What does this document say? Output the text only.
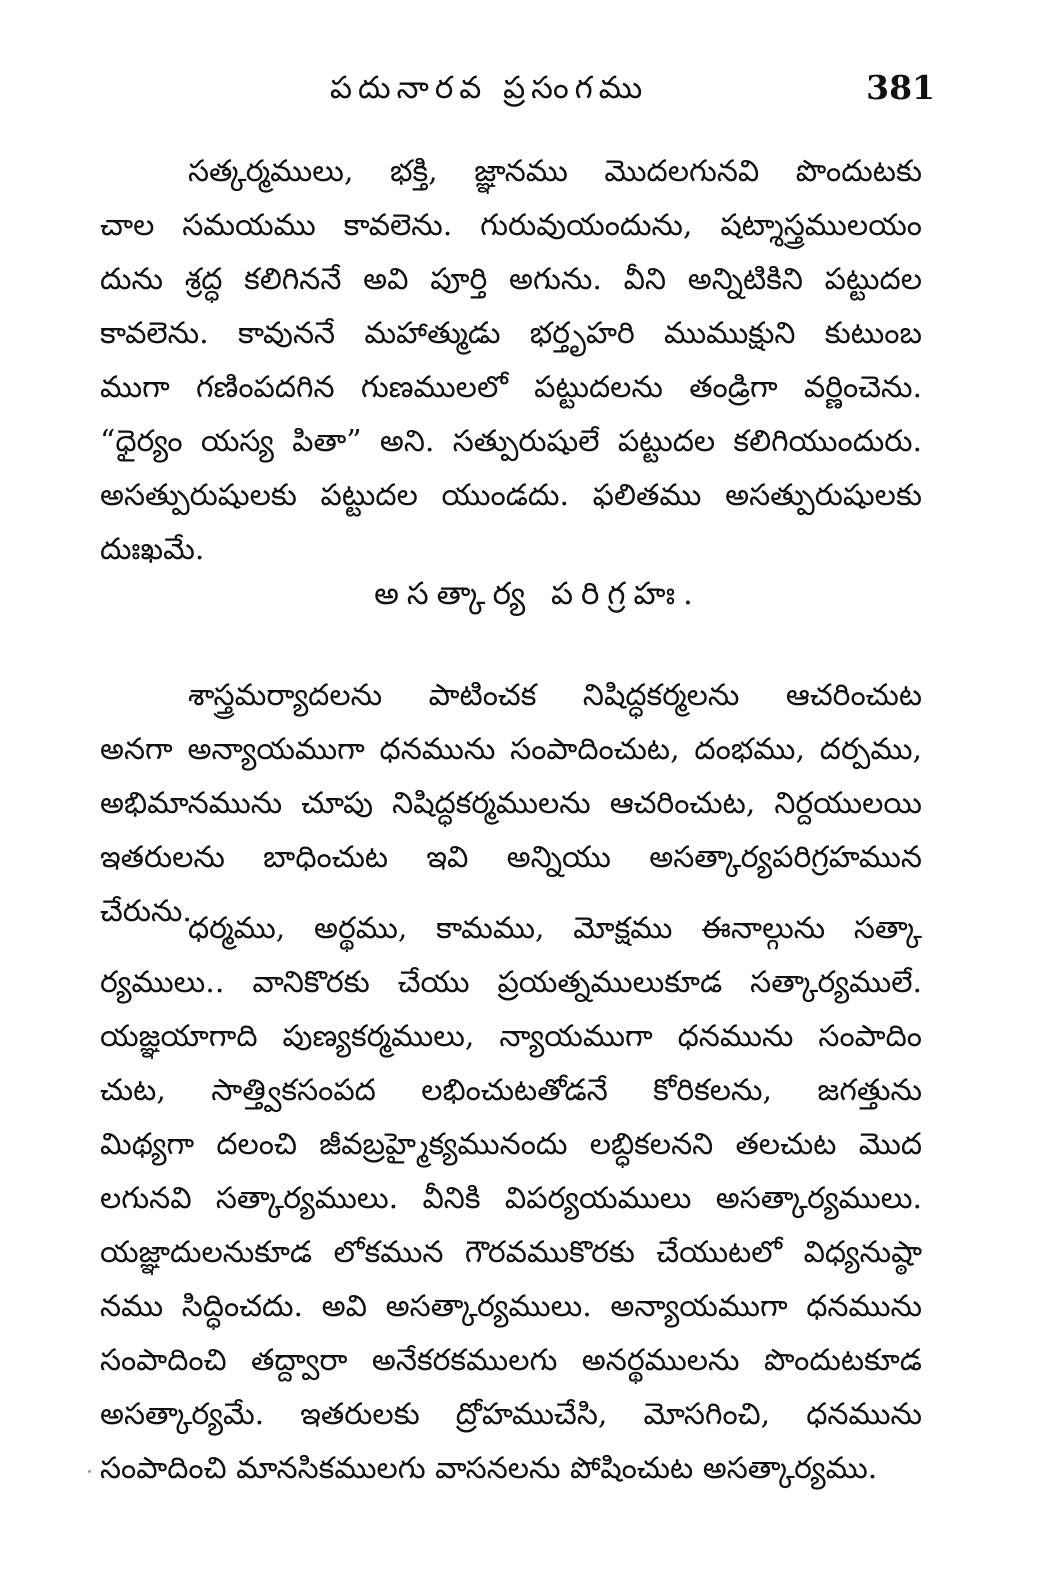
పదునారవ ప్రసంగము	381
సత్కర్మములు, భక్తి, జ్ఞానము మొదలగునవి పొందుటకు
చాల సమయము కావలెను. గురువుయందును, షట్శాస్త్రములయం
దును శ్రద్ధ కలిగిననే అవి పూర్తి అగును. వీని అన్నిటికిని పట్టుదల
కావలెను. కావుననే మహాత్ముడు భర్తృహరి ముముక్షుని కుటుంబ
ముగా గణింపదగిన గుణములలో పట్టుదలను తండ్రిగా వర్ణించెను.
“ధైర్యం యస్య పితా” అని. సత్పురుషులే పట్టుదల కలిగియుందురు.
అసత్పురుషులకు పట్టుదల యుండదు. ఫలితము అసత్పురుషులకు
దుఃఖమే.
అసత్కార్య పరిగ్రహః.
శాస్త్రమర్యాదలను పాటించక నిషిద్ధకర్మలను ఆచరించుట
అనగా అన్యాయముగా ధనమును సంపాదించుట, దంభము, దర్పము,
అభిమానమును చూపు నిషిద్ధకర్మములను ఆచరించుట, నిర్దయులయి
ఇతరులను బాధించుట ఇవి అన్నియు అసత్కార్యపరిగ్రహమున
చేరును.
ధర్మము, అర్థము, కామము, మోక్షము ఈనాల్గును సత్కా
ర్యములు.. వానికొరకు చేయు ప్రయత్నములుకూడ సత్కార్యములే.
యజ్ఞయాగాది పుణ్యకర్మములు, న్యాయముగా ధనమును సంపాదిం
చుట, సాత్త్వికసంపద లభించుటతోడనే కోరికలను, జగత్తును
మిథ్యగా దలంచి జీవబ్రహ్మైక్యమునందు లబ్ధికలనని తలచుట మొద
లగునవి సత్కార్యములు. వీనికి విపర్యయములు అసత్కార్యములు.
యజ్ఞాదులనుకూడ లోకమున గౌరవముకొరకు చేయుటలో విధ్యనుష్ఠా
నము సిద్ధించదు. అవి అసత్కార్యములు. అన్యాయముగా ధనమును
సంపాదించి తద్ద్వారా అనేకరకములగు అనర్థములను పొందుటకూడ
అసత్కార్యమే. ఇతరులకు ద్రోహముచేసి, మోసగించి, ధనమును
సంపాదించి మానసికములగు వాసనలను పోషించుట అసత్కార్యము.
